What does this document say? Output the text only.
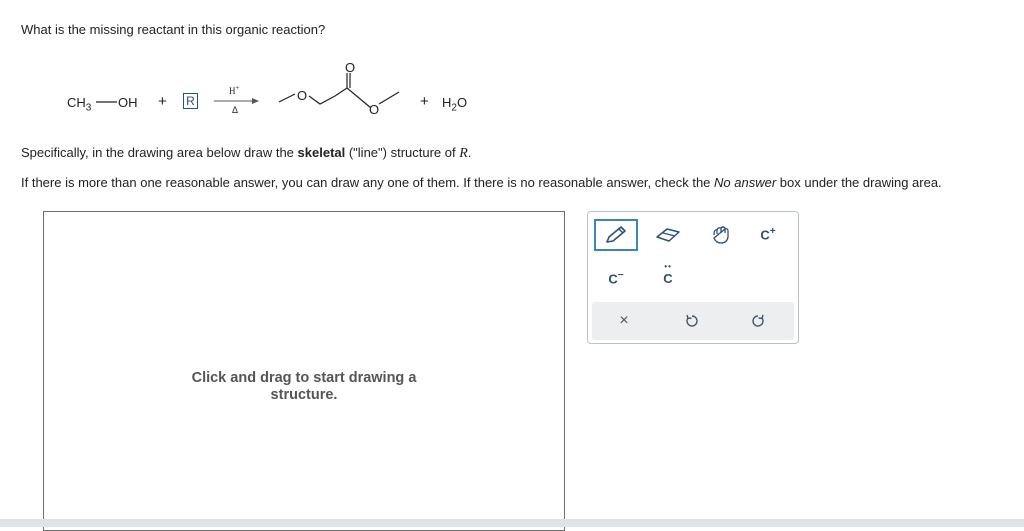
What is the missing reactant in this organic reaction?
$CH_3$ OH + R
H+
Δ
O
O
O	+ $H_2O$
Specifically, in the drawing area below draw the skeletal ("line") structure of R.
If there is more than one reasonable answer, you can draw any one of them. If there is no reasonable answer, check the No answer box under the drawing area.
Click and drag to start drawing a
structure.
C+
C−
••
C
×
